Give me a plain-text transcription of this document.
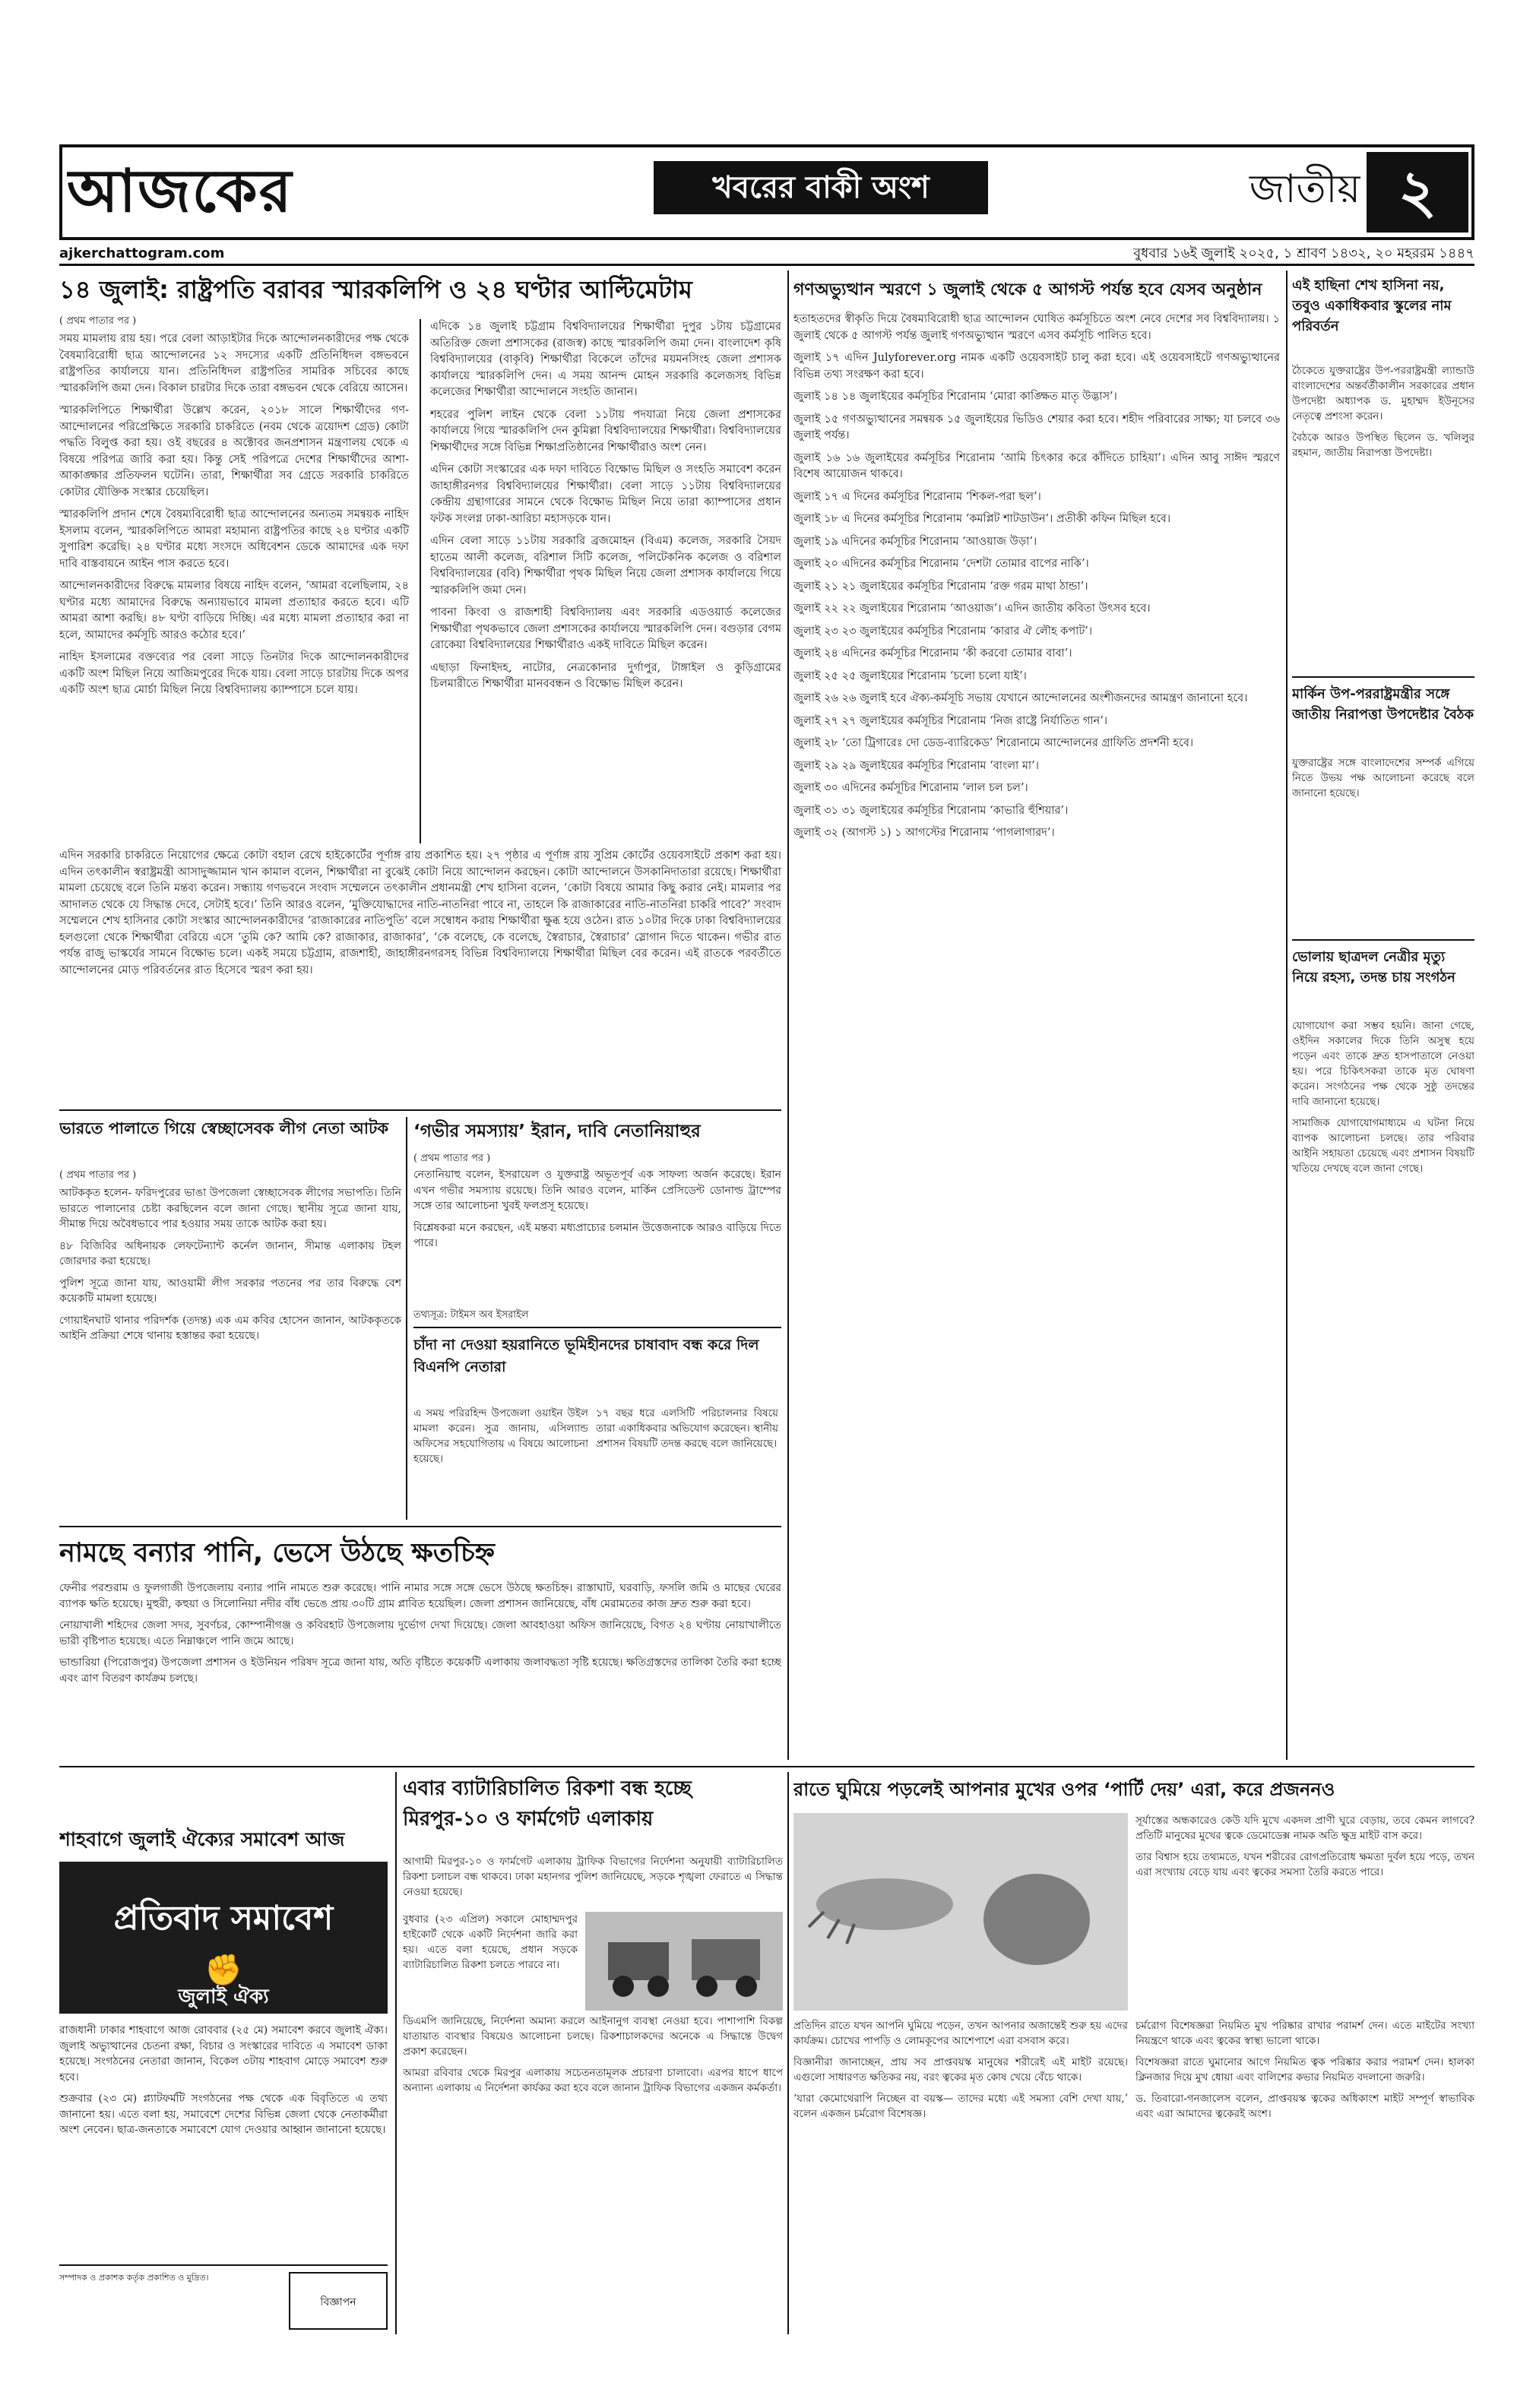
আজকের	খবরের বাকী অংশ	জাতীয় ২
ajkerchattogram.com	বুধবার ১৬ই জুলাই ২০২৫, ১ শ্রাবণ ১৪৩২, ২০ মহররম ১৪৪৭
১৪ জুলাই: রাষ্ট্রপতি বরাবর স্মারকলিপি ও ২৪ ঘণ্টার আল্টিমেটাম
( প্রথম পাতার পর )

সময় মামলায় রায় হয়। পরে বেলা আড়াইটার দিকে আন্দোলনকারীদের পক্ষ থেকে বৈষম্যবিরোধী ছাত্র আন্দোলনের ১২ সদস্যের একটি প্রতিনিধিদল বঙ্গভবনে রাষ্ট্রপতির কার্যালয়ে যান। প্রতিনিধিদল রাষ্ট্রপতির সামরিক সচিবের কাছে স্মারকলিপি জমা দেন। বিকাল চারটার দিকে তারা বঙ্গভবন থেকে বেরিয়ে আসেন।

স্মারকলিপিতে শিক্ষার্থীরা উল্লেখ করেন, ২০১৮ সালে শিক্ষার্থীদের গণ-আন্দোলনের পরিপ্রেক্ষিতে সরকারি চাকরিতে (নবম থেকে ত্রয়োদশ গ্রেড) কোটা পদ্ধতি বিলুপ্ত করা হয়। ওই বছরের ৪ অক্টোবর জনপ্রশাসন মন্ত্রণালয় থেকে এ বিষয়ে পরিপত্র জারি করা হয়। কিন্তু সেই পরিপত্রে দেশের শিক্ষার্থীদের আশা-আকাঙ্ক্ষার প্রতিফলন ঘটেনি। তারা, শিক্ষার্থীরা সব গ্রেডে সরকারি চাকরিতে কোটার যৌক্তিক সংস্কার চেয়েছিল।

স্মারকলিপি প্রদান শেষে বৈষম্যবিরোধী ছাত্র আন্দোলনের অন্যতম সমন্বয়ক নাহিদ ইসলাম বলেন, স্মারকলিপিতে আমরা মহামান্য রাষ্ট্রপতির কাছে ২৪ ঘণ্টার একটি সুপারিশ করেছি। ২৪ ঘণ্টার মধ্যে সংসদে অধিবেশন ডেকে আমাদের এক দফা দাবি বাস্তবায়নে আইন পাস করতে হবে।

আন্দোলনকারীদের বিরুদ্ধে মামলার বিষয়ে নাহিদ বলেন, ‘আমরা বলেছিলাম, ২৪ ঘণ্টার মধ্যে আমাদের বিরুদ্ধে অন্যায়ভাবে মামলা প্রত্যাহার করতে হবে। এটি আমরা আশা করছি। ৪৮ ঘণ্টা বাড়িয়ে দিচ্ছি। এর মধ্যে মামলা প্রত্যাহার করা না হলে, আমাদের কর্মসূচি আরও কঠোর হবে।’

নাহিদ ইসলামের বক্তব্যের পর বেলা সাড়ে তিনটার দিকে আন্দোলনকারীদের একটি অংশ মিছিল নিয়ে আজিমপুরের দিকে যায়। বেলা সাড়ে চারটায় দিকে অপর একটি অংশ ছাত্র মোর্চা মিছিল নিয়ে বিশ্ববিদ্যালয় ক্যাম্পাসে চলে যায়।

এদিকে ১৪ জুলাই চট্টগ্রাম বিশ্ববিদ্যালয়ের শিক্ষার্থীরা দুপুর ১টায় চট্টগ্রামের অতিরিক্ত জেলা প্রশাসকের (রাজস্ব) কাছে স্মারকলিপি জমা দেন। বাংলাদেশ কৃষি বিশ্ববিদ্যালয়ের (বাকৃবি) শিক্ষার্থীরা বিকেলে তাঁদের ময়মনসিংহ জেলা প্রশাসক কার্যালয়ে স্মারকলিপি দেন। এ সময় আনন্দ মোহন সরকারি কলেজসহ বিভিন্ন কলেজের শিক্ষার্থীরা আন্দোলনে সংহতি জানান।

শহরের পুলিশ লাইন থেকে বেলা ১১টায় পদযাত্রা নিয়ে জেলা প্রশাসকের কার্যালয়ে গিয়ে স্মারকলিপি দেন কুমিল্লা বিশ্ববিদ্যালয়ের শিক্ষার্থীরা। বিশ্ববিদ্যালয়ের শিক্ষার্থীদের সঙ্গে বিভিন্ন শিক্ষাপ্রতিষ্ঠানের শিক্ষার্থীরাও অংশ নেন।

এদিন কোটা সংস্কারের এক দফা দাবিতে বিক্ষোভ মিছিল ও সংহতি সমাবেশ করেন জাহাঙ্গীরনগর বিশ্ববিদ্যালয়ের শিক্ষার্থীরা। বেলা সাড়ে ১১টায় বিশ্ববিদ্যালয়ের কেন্দ্রীয় গ্রন্থাগারের সামনে থেকে বিক্ষোভ মিছিল নিয়ে তারা ক্যাম্পাসের প্রধান ফটক সংলগ্ন ঢাকা-আরিচা মহাসড়কে যান।

এদিন বেলা সাড়ে ১১টায় সরকারি ব্রজমোহন (বিএম) কলেজ, সরকারি সৈয়দ হাতেম আলী কলেজ, বরিশাল সিটি কলেজ, পলিটেকনিক কলেজ ও বরিশাল বিশ্ববিদ্যালয়ের (ববি) শিক্ষার্থীরা পৃথক মিছিল নিয়ে জেলা প্রশাসক কার্যালয়ে গিয়ে স্মারকলিপি জমা দেন।

পাবনা কিংবা ও রাজশাহী বিশ্ববিদ্যালয় এবং সরকারি এডওয়ার্ড কলেজের শিক্ষার্থীরা পৃথকভাবে জেলা প্রশাসকের কার্যালয়ে স্মারকলিপি দেন। বগুড়ার বেগম রোকেয়া বিশ্ববিদ্যালয়ের শিক্ষার্থীরাও একই দাবিতে মিছিল করেন।

এছাড়া ফিনাইদহ, নাটোর, নেত্রকোনার দুর্গাপুর, টাঙ্গাইল ও কুড়িগ্রামের চিলমারীতে শিক্ষার্থীরা মানববন্ধন ও বিক্ষোভ মিছিল করেন।

এদিন সরকারি চাকরিতে নিয়োগের ক্ষেত্রে কোটা বহাল রেখে হাইকোর্টের পূর্ণাঙ্গ রায় প্রকাশিত হয়। ২৭ পৃষ্ঠার এ পূর্ণাঙ্গ রায় সুপ্রিম কোর্টের ওয়েবসাইটে প্রকাশ করা হয়। এদিন তৎকালীন স্বরাষ্ট্রমন্ত্রী আসাদুজ্জামান খান কামাল বলেন, শিক্ষার্থীরা না বুঝেই কোটা নিয়ে আন্দোলন করছেন। কোটা আন্দোলনে উসকানিদাতারা রয়েছে। শিক্ষার্থীরা মামলা চেয়েছে বলে তিনি মন্তব্য করেন। সন্ধ্যায় গণভবনে সংবাদ সম্মেলনে তৎকালীন প্রধানমন্ত্রী শেখ হাসিনা বলেন, ‘কোটা বিষয়ে আমার কিছু করার নেই। মামলার পর আদালত থেকে যে সিদ্ধান্ত দেবে, সেটাই হবে।’ তিনি আরও বলেন, ‘মুক্তিযোদ্ধাদের নাতি-নাতনিরা পাবে না, তাহলে কি রাজাকারের নাতি-নাতনিরা চাকরি পাবে?’ সংবাদ সম্মেলনে শেখ হাসিনার কোটা সংস্কার আন্দোলনকারীদের ‘রাজাকারের নাতিপুতি’ বলে সম্বোধন করায় শিক্ষার্থীরা ক্ষুব্ধ হয়ে ওঠেন। রাত ১০টার দিকে ঢাকা বিশ্ববিদ্যালয়ের হলগুলো থেকে শিক্ষার্থীরা বেরিয়ে এসে ‘তুমি কে? আমি কে? রাজাকার, রাজাকার’, ‘কে বলেছে, কে বলেছে, স্বৈরাচার, স্বৈরাচার’ স্লোগান দিতে থাকেন। গভীর রাত পর্যন্ত রাজু ভাস্কর্যের সামনে বিক্ষোভ চলে। একই সময়ে চট্টগ্রাম, রাজশাহী, জাহাঙ্গীরনগরসহ বিভিন্ন বিশ্ববিদ্যালয়ে শিক্ষার্থীরা মিছিল বের করেন। এই রাতকে পরবর্তীতে আন্দোলনের মোড় পরিবর্তনের রাত হিসেবে স্মরণ করা হয়।
গণঅভ্যুত্থান স্মরণে ১ জুলাই থেকে ৫ আগস্ট পর্যন্ত হবে যেসব অনুষ্ঠান

হতাহতদের স্বীকৃতি দিয়ে বৈষম্যবিরোধী ছাত্র আন্দোলন ঘোষিত কর্মসূচিতে অংশ নেবে দেশের সব বিশ্ববিদ্যালয়। ১ জুলাই থেকে ৫ আগস্ট পর্যন্ত জুলাই গণঅভ্যুত্থান স্মরণে এসব কর্মসূচি পালিত হবে।

জুলাই ১৭ এদিন Julyforever.org নামক একটি ওয়েবসাইট চালু করা হবে। এই ওয়েবসাইটে গণঅভ্যুত্থানের বিভিন্ন তথ্য সংরক্ষণ করা হবে।

জুলাই ১৪ ১৪ জুলাইয়ের কর্মসূচির শিরোনাম ‘মোরা কাঙ্ক্ষিত মাতৃ উদ্ভাস’।

জুলাই ১৫ গণঅভ্যুত্থানের সমন্বয়ক ১৫ জুলাইয়ের ভিডিও শেয়ার করা হবে। শহীদ পরিবারের সাক্ষ্য; যা চলবে ৩৬ জুলাই পর্যন্ত।

জুলাই ১৬ ১৬ জুলাইয়ের কর্মসূচির শিরোনাম ‘আমি চিৎকার করে কাঁদিতে চাহিয়া’। এদিন আবু সাঈদ স্মরণে বিশেষ আয়োজন থাকবে।

জুলাই ১৭ এ দিনের কর্মসূচির শিরোনাম ‘শিকল-পরা ছল’।

জুলাই ১৮ এ দিনের কর্মসূচির শিরোনাম ‘কমপ্লিট শাটডাউন’। প্রতীকী কফিন মিছিল হবে।

জুলাই ১৯ এদিনের কর্মসূচির শিরোনাম ‘আওয়াজ উড়া’।

জুলাই ২০ এদিনের কর্মসূচির শিরোনাম ‘দেশটা তোমার বাপের নাকি’।

জুলাই ২১ ২১ জুলাইয়ের কর্মসূচির শিরোনাম ‘রক্ত গরম মাথা ঠান্ডা’।

জুলাই ২২ ২২ জুলাইয়ের শিরোনাম ‘আওয়াজ’। এদিন জাতীয় কবিতা উৎসব হবে।

জুলাই ২৩ ২৩ জুলাইয়ের কর্মসূচির শিরোনাম ‘কারার ঐ লৌহ কপাট’।

জুলাই ২৪ এদিনের কর্মসূচির শিরোনাম ‘কী করবো তোমার বাবা’।

জুলাই ২৫ ২৫ জুলাইয়ের শিরোনাম ‘চলো চলো যাই’।

জুলাই ২৬ ২৬ জুলাই হবে ঐক্য-কর্মসূচি সভায় যেখানে আন্দোলনের অংশীজনদের আমন্ত্রণ জানানো হবে।

জুলাই ২৭ ২৭ জুলাইয়ের কর্মসূচির শিরোনাম ‘নিজ রাষ্ট্রে নির্যাতিত গান’।

জুলাই ২৮ ‘তো ট্রিগারেঃ দো ডেড-ব্যারিকেড’ শিরোনামে আন্দোলনের গ্রাফিতি প্রদর্শনী হবে।

জুলাই ২৯ ২৯ জুলাইয়ের কর্মসূচির শিরোনাম ‘বাংলা মা’।

জুলাই ৩০ এদিনের কর্মসূচির শিরোনাম ‘লাল চল চল’।

জুলাই ৩১ ৩১ জুলাইয়ের কর্মসূচির শিরোনাম ‘কাভারি হুঁশিয়ার’।

জুলাই ৩২ (আগস্ট ১) ১ আগস্টের শিরোনাম ‘পাগলাগারদ’।

এই হাছিনা শেখ হাসিনা নয়, তবুও একাধিকবার স্কুলের নাম পরিবর্তন

ঠৈকেতে যুক্তরাষ্ট্রের উপ-পররাষ্ট্রমন্ত্রী ল্যান্ডাউ বাংলাদেশের অন্তর্বর্তীকালীন সরকারের প্রধান উপদেষ্টা অধ্যাপক ড. মুহাম্মদ ইউনূসের নেতৃত্বে প্রশংসা করেন।

বৈঠকে আরও উপস্থিত ছিলেন ড. খলিলুর রহমান, জাতীয় নিরাপত্তা উপদেষ্টা।

মার্কিন উপ-পররাষ্ট্রমন্ত্রীর সঙ্গে জাতীয় নিরাপত্তা উপদেষ্টার বৈঠক
যুক্তরাষ্ট্রের সঙ্গে বাংলাদেশের সম্পর্ক এগিয়ে নিতে উভয় পক্ষ আলোচনা করেছে বলে জানানো হয়েছে।
ভোলায় ছাত্রদল নেত্রীর মৃত্যু নিয়ে রহস্য, তদন্ত চায় সংগঠন

যোগাযোগ করা সম্ভব হয়নি। জানা গেছে, ওইদিন সকালের দিকে তিনি অসুস্থ হয়ে পড়েন এবং তাকে দ্রুত হাসপাতালে নেওয়া হয়। পরে চিকিৎসকরা তাকে মৃত ঘোষণা করেন। সংগঠনের পক্ষ থেকে সুষ্ঠু তদন্তের দাবি জানানো হয়েছে।

সামাজিক যোগাযোগমাধ্যমে এ ঘটনা নিয়ে ব্যাপক আলোচনা চলছে। তার পরিবার আইনি সহায়তা চেয়েছে এবং প্রশাসন বিষয়টি খতিয়ে দেখছে বলে জানা গেছে।

ভারতে পালাতে গিয়ে স্বেচ্ছাসেবক লীগ নেতা আটক
( প্রথম পাতার পর )

আটককৃত হলেন- ফরিদপুরের ভাঙা উপজেলা স্বেচ্ছাসেবক লীগের সভাপতি। তিনি ভারতে পালানোর চেষ্টা করছিলেন বলে জানা গেছে। স্থানীয় সূত্রে জানা যায়, সীমান্ত দিয়ে অবৈধভাবে পার হওয়ার সময় তাকে আটক করা হয়।

৪৮ বিজিবির অধিনায়ক লেফটেন্যান্ট কর্নেল জানান, সীমান্ত এলাকায় টহল জোরদার করা হয়েছে।

পুলিশ সূত্রে জানা যায়, আওয়ামী লীগ সরকার পতনের পর তার বিরুদ্ধে বেশ কয়েকটি মামলা হয়েছে।

গোয়াইনঘাট থানার পরিদর্শক (তদন্ত) এক এম কবির হোসেন জানান, আটককৃতকে আইনি প্রক্রিয়া শেষে থানায় হস্তান্তর করা হয়েছে।

‘গভীর সমস্যায়’ ইরান, দাবি নেতানিয়াহুর
( প্রথম পাতার পর )

নেতানিয়াহু বলেন, ইসরায়েল ও যুক্তরাষ্ট্র অভূতপূর্ব এক সাফল্য অর্জন করেছে। ইরান এখন গভীর সমস্যায় রয়েছে। তিনি আরও বলেন, মার্কিন প্রেসিডেন্ট ডোনাল্ড ট্রাম্পের সঙ্গে তার আলোচনা খুবই ফলপ্রসূ হয়েছে।

বিশ্লেষকরা মনে করছেন, এই মন্তব্য মধ্যপ্রাচ্যের চলমান উত্তেজনাকে আরও বাড়িয়ে দিতে পারে।

তথ্যসূত্র: টাইমস অব ইসরাইল
চাঁদা না দেওয়া হয়রানিতে ভূমিহীনদের চাষাবাদ বন্ধ করে দিল বিএনপি নেতারা
এ সময় পরিরহিন্দ উপজেলা ওয়াইন উইল মামলা করেন। সুত্র জানায়, এসিল্যান্ড অফিসের সহযোগিতায় এ বিষয়ে আলোচনা হয়েছে।
১৭ বছর ধরে এলসিটি পরিচালনার বিষয়ে তারা একাধিকবার অভিযোগ করেছেন। স্থানীয় প্রশাসন বিষয়টি তদন্ত করছে বলে জানিয়েছে।
নামছে বন্যার পানি, ভেসে উঠছে ক্ষতচিহ্ন

ফেনীর পরশুরাম ও ফুলগাজী উপজেলায় বন্যার পানি নামতে শুরু করেছে। পানি নামার সঙ্গে সঙ্গে ভেসে উঠছে ক্ষতচিহ্ন। রাস্তাঘাট, ঘরবাড়ি, ফসলি জমি ও মাছের ঘেরের ব্যাপক ক্ষতি হয়েছে। মুহুরী, কহুয়া ও সিলোনিয়া নদীর বাঁধ ভেঙে প্রায় ৩০টি গ্রাম প্লাবিত হয়েছিল। জেলা প্রশাসন জানিয়েছে, বাঁধ মেরামতের কাজ দ্রুত শুরু করা হবে।

নোয়াখালী শহিদের জেলা সদর, সুবর্ণচর, কোম্পানীগঞ্জ ও কবিরহাট উপজেলায় দুর্ভোগ দেখা দিয়েছে। জেলা আবহাওয়া অফিস জানিয়েছে, বিগত ২৪ ঘণ্টায় নোয়াখালীতে ভারী বৃষ্টিপাত হয়েছে। এতে নিম্নাঞ্চলে পানি জমে আছে।

ভান্ডারিয়া (পিরোজপুর) উপজেলা প্রশাসন ও ইউনিয়ন পরিষদ সূত্রে জানা যায়, অতি বৃষ্টিতে কয়েকটি এলাকায় জলাবদ্ধতা সৃষ্টি হয়েছে। ক্ষতিগ্রস্তদের তালিকা তৈরি করা হচ্ছে এবং ত্রাণ বিতরণ কার্যক্রম চলছে।

শাহবাগে জুলাই ঐক্যের সমাবেশ আজ
প্রতিবাদ সমাবেশ
✊
জুলাই ঐক্য

রাজধানী ঢাকার শাহবাগে আজ রোববার (২৫ মে) সমাবেশ করবে জুলাই ঐক্য। জুলাই অভ্যুত্থানের চেতনা রক্ষা, বিচার ও সংস্কারের দাবিতে এ সমাবেশ ডাকা হয়েছে। সংগঠনের নেতারা জানান, বিকেল ৩টায় শাহবাগ মোড়ে সমাবেশ শুরু হবে।

শুক্রবার (২৩ মে) প্ল্যাটফর্মটি সংগঠনের পক্ষ থেকে এক বিবৃতিতে এ তথ্য জানানো হয়। এতে বলা হয়, সমাবেশে দেশের বিভিন্ন জেলা থেকে নেতাকর্মীরা অংশ নেবেন। ছাত্র-জনতাকে সমাবেশে যোগ দেওয়ার আহ্বান জানানো হয়েছে।

সম্পাদক ও প্রকাশক কর্তৃক প্রকাশিত ও মুদ্রিত।
বিজ্ঞাপন
এবার ব্যাটারিচালিত রিকশা বন্ধ হচ্ছে মিরপুর-১০ ও ফার্মগেট এলাকায়
আগামী মিরপুর-১০ ও ফার্মগেট এলাকায় ট্রাফিক বিভাগের নির্দেশনা অনুযায়ী ব্যাটারিচালিত রিকশা চলাচল বন্ধ থাকবে। ঢাকা মহানগর পুলিশ জানিয়েছে, সড়কে শৃঙ্খলা ফেরাতে এ সিদ্ধান্ত নেওয়া হয়েছে।
বুধবার (২৩ এপ্রিল) সকালে মোহাম্মদপুর হাইকোর্ট থেকে একটি নির্দেশনা জারি করা হয়। এতে বলা হয়েছে, প্রধান সড়কে ব্যাটারিচালিত রিকশা চলতে পারবে না।

ডিএমপি জানিয়েছে, নির্দেশনা অমান্য করলে আইনানুগ ব্যবস্থা নেওয়া হবে। পাশাপাশি বিকল্প যাতায়াত ব্যবস্থার বিষয়েও আলোচনা চলছে। রিকশাচালকদের অনেকে এ সিদ্ধান্তে উদ্বেগ প্রকাশ করেছেন।

আমরা রবিবার থেকে মিরপুর এলাকায় সচেতনতামূলক প্রচারণা চালাবো। এরপর ধাপে ধাপে অন্যান্য এলাকায় এ নির্দেশনা কার্যকর করা হবে বলে জানান ট্রাফিক বিভাগের একজন কর্মকর্তা।

রাতে ঘুমিয়ে পড়লেই আপনার মুখের ওপর ‘পার্টি দেয়’ এরা, করে প্রজননও

সূর্যাস্তের অন্ধকারেও কেউ যদি মুখে একদল প্রাণী ঘুরে বেড়ায়, তবে কেমন লাগবে? প্রতিটি মানুষের মুখের ত্বকে ডেমোডেক্স নামক অতি ক্ষুদ্র মাইট বাস করে।

তার বিশ্বাস হয়ে তথ্যমতে, যখন শরীরের রোগপ্রতিরোধ ক্ষমতা দুর্বল হয়ে পড়ে, তখন এরা সংখ্যায় বেড়ে যায় এবং ত্বকের সমস্যা তৈরি করতে পারে।

প্রতিদিন রাতে যখন আপনি ঘুমিয়ে পড়েন, তখন আপনার অজান্তেই শুরু হয় এদের কার্যক্রম। চোখের পাপড়ি ও লোমকূপের আশেপাশে এরা বসবাস করে।

বিজ্ঞানীরা জানাচ্ছেন, প্রায় সব প্রাপ্তবয়স্ক মানুষের শরীরেই এই মাইট রয়েছে। এগুলো সাধারণত ক্ষতিকর নয়, বরং ত্বকের মৃত কোষ খেয়ে বেঁচে থাকে।

‘যারা কেমোথেরাপি নিচ্ছেন বা বয়স্ক— তাদের মধ্যে এই সমস্যা বেশি দেখা যায়,’ বলেন একজন চর্মরোগ বিশেষজ্ঞ।

চর্মরোগ বিশেষজ্ঞরা নিয়মিত মুখ পরিষ্কার রাখার পরামর্শ দেন। এতে মাইটের সংখ্যা নিয়ন্ত্রণে থাকে এবং ত্বকের স্বাস্থ্য ভালো থাকে।

বিশেষজ্ঞরা রাতে ঘুমানোর আগে নিয়মিত ত্বক পরিষ্কার করার পরামর্শ দেন। হালকা ক্লিনজার দিয়ে মুখ ধোয়া এবং বালিশের কভার নিয়মিত বদলানো জরুরি।

ড. তিবারো-গনজালেস বলেন, প্রাপ্তবয়স্ক ত্বকের অধিকাংশ মাইট সম্পূর্ণ স্বাভাবিক এবং এরা আমাদের ত্বকেরই অংশ।
